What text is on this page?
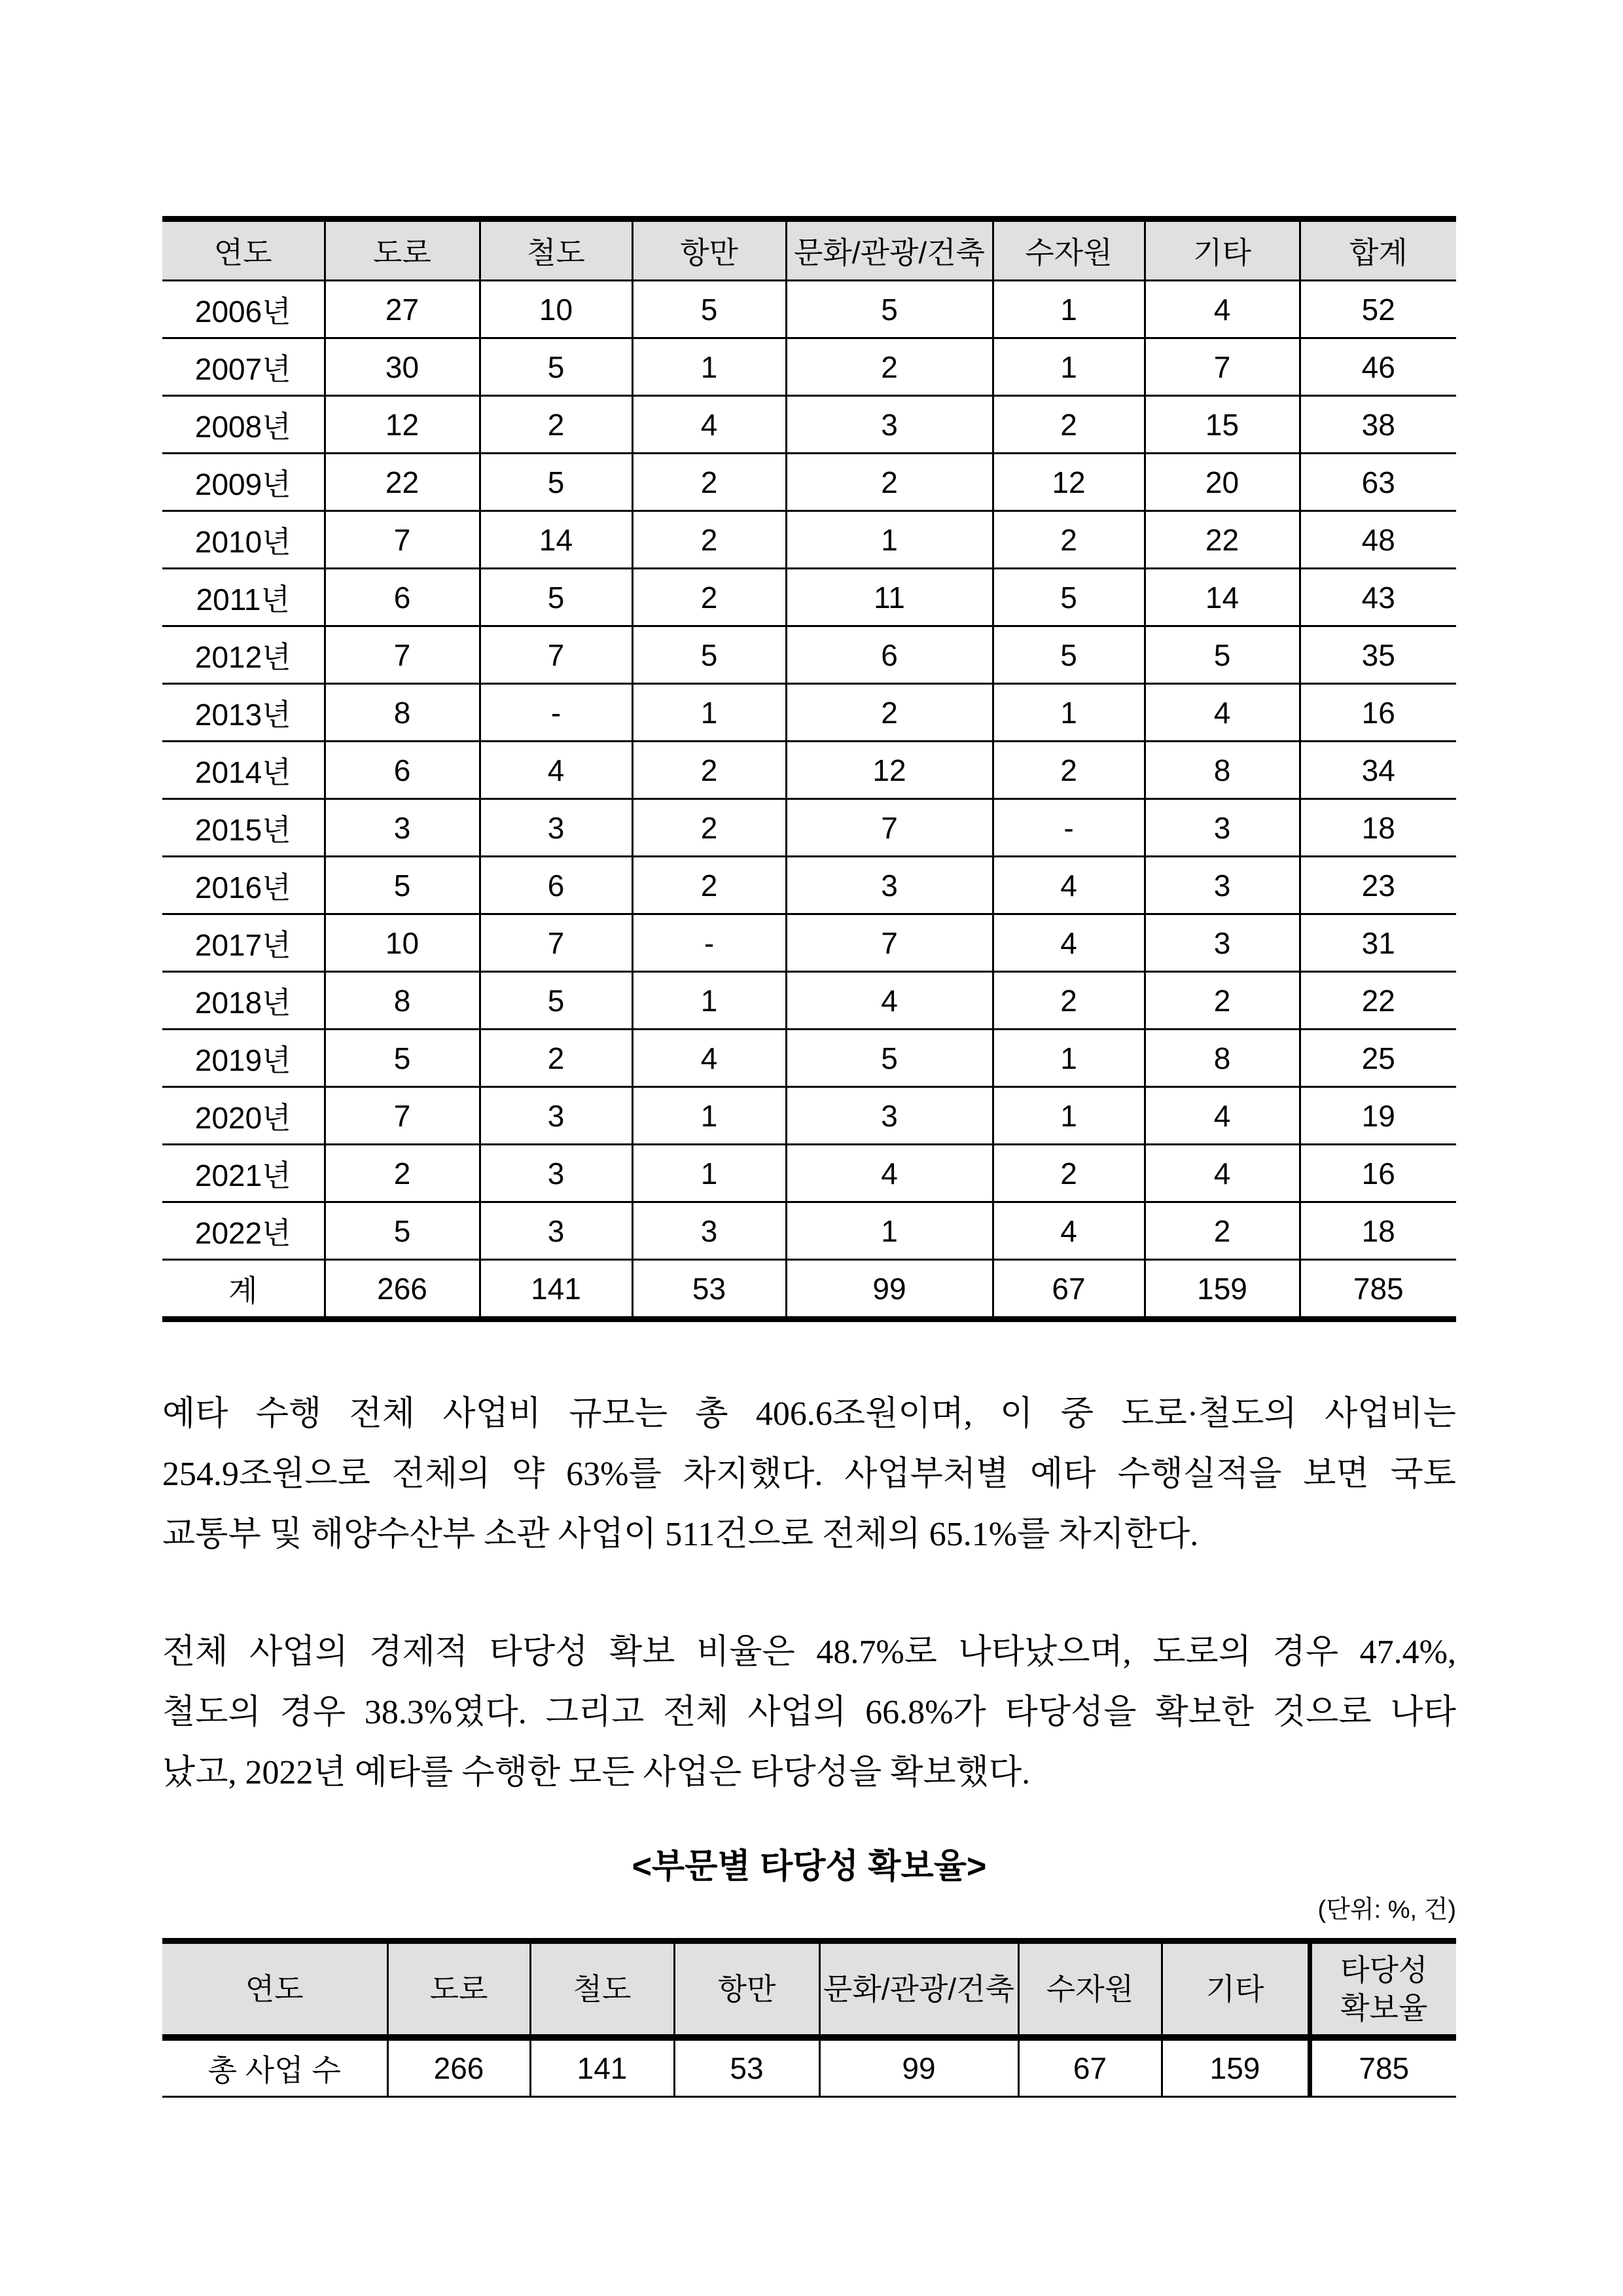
연도	도로	철도	항만	문화/관광/건축	수자원	기타	합계
2006년	27	10	5	5	1	4	52
2007년	30	5	1	2	1	7	46
2008년	12	2	4	3	2	15	38
2009년	22	5	2	2	12	20	63
2010년	7	14	2	1	2	22	48
2011년	6	5	2	11	5	14	43
2012년	7	7	5	6	5	5	35
2013년	8	-	1	2	1	4	16
2014년	6	4	2	12	2	8	34
2015년	3	3	2	7	-	3	18
2016년	5	6	2	3	4	3	23
2017년	10	7	-	7	4	3	31
2018년	8	5	1	4	2	2	22
2019년	5	2	4	5	1	8	25
2020년	7	3	1	3	1	4	19
2021년	2	3	1	4	2	4	16
2022년	5	3	3	1	4	2	18
계	266	141	53	99	67	159	785
예타 수행 전체 사업비 규모는 총 406.6조원이며, 이 중 도로·철도의 사업비는
254.9조원으로 전체의 약 63%를 차지했다. 사업부처별 예타 수행실적을 보면 국토
교통부 및 해양수산부 소관 사업이 511건으로 전체의 65.1%를 차지한다.
전체 사업의 경제적 타당성 확보 비율은 48.7%로 나타났으며, 도로의 경우 47.4%,
철도의 경우 38.3%였다. 그리고 전체 사업의 66.8%가 타당성을 확보한 것으로 나타
났고, 2022년 예타를 수행한 모든 사업은 타당성을 확보했다.
<부문별 타당성 확보율>
(단위: %, 건)
연도	도로	철도	항만	문화/관광/건축	수자원	기타	타당성 확보율
총 사업 수	266	141	53	99	67	159	785
